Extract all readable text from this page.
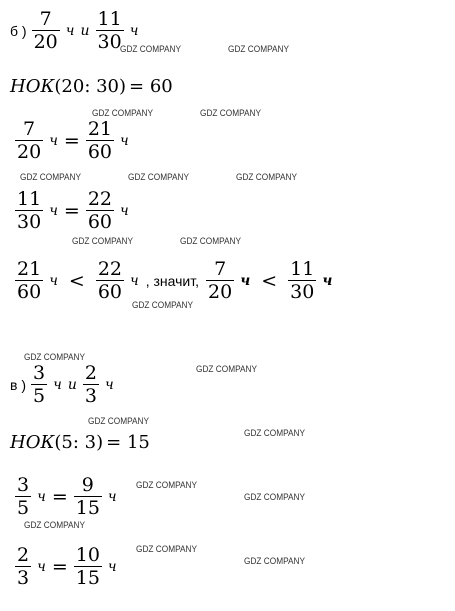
б ) $\frac{7}{20}$ ч и $\frac{11}{30}$ ч
НОК (20: 30) = 60
$\frac{7}{20}$ $ч = \frac{21}{60}$ ч
$\frac{11}{30}$ $ч = \frac{22}{60}$ ч
$\frac{21}{60}$ $ч < \frac{22}{60}$ ч , значит, $\frac{7}{20}$ $ч < \frac{11}{30}$ ч
в ) $\frac{3}{5}$ ч и $\frac{2}{3}$ ч
НОК (5: 3) = 15
$\frac{3}{5}$ $ч = \frac{9}{15}$ ч
$\frac{2}{3}$ $ч = \frac{10}{15}$ ч
GDZ COMPANY	GDZ COMPANY
GDZ COMPANY	GDZ COMPANY
GDZ COMPANY	GDZ COMPANY	GDZ COMPANY
GDZ COMPANY	GDZ COMPANY
GDZ COMPANY
GDZ COMPANY
GDZ COMPANY
GDZ COMPANY
GDZ COMPANY
GDZ COMPANY
GDZ COMPANY
GDZ COMPANY
GDZ COMPANY
GDZ COMPANY
